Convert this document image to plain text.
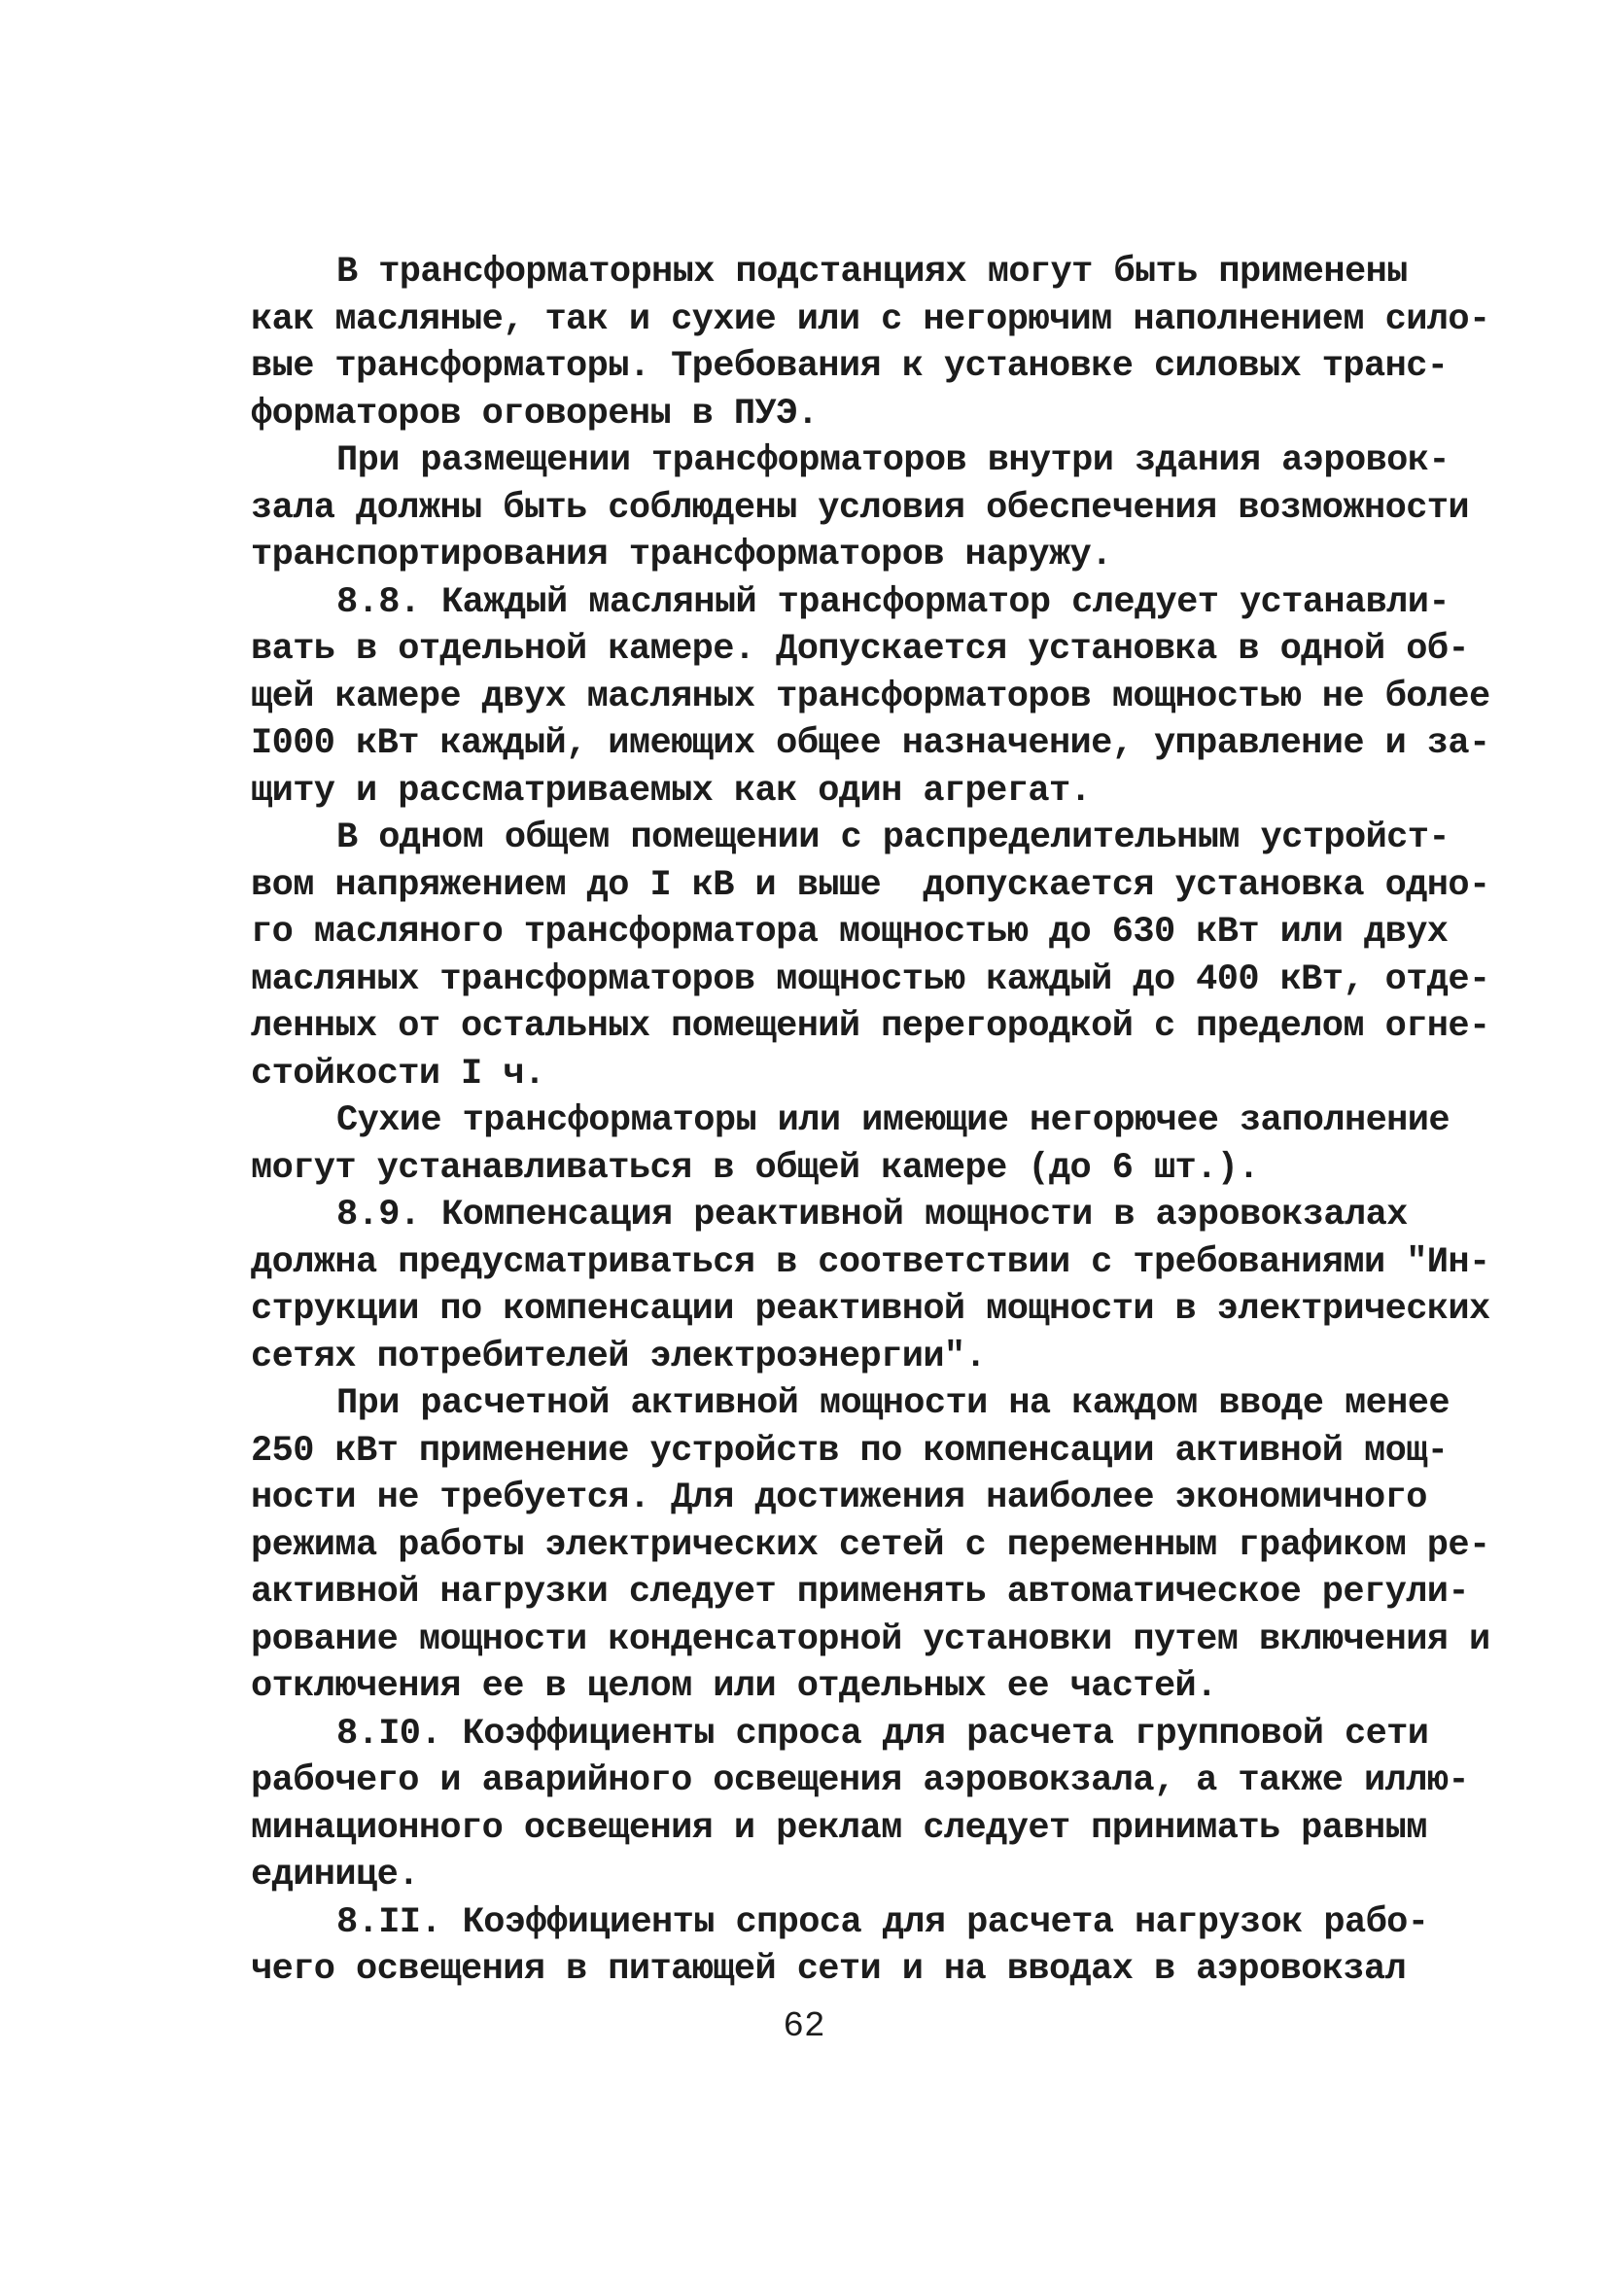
В трансформаторных подстанциях могут быть применены
как масляные, так и сухие или с негорючим наполнением сило-
вые трансформаторы. Требования к установке силовых транс-
форматоров оговорены в ПУЭ.
При размещении трансформаторов внутри здания аэровок-
зала должны быть соблюдены условия обеспечения возможности
транспортирования трансформаторов наружу.
8.8. Каждый масляный трансформатор следует устанавли-
вать в отдельной камере. Допускается установка в одной об-
щей камере двух масляных трансформаторов мощностью не более
I000 кВт каждый, имеющих общее назначение, управление и за-
щиту и рассматриваемых как один агрегат.
В одном общем помещении с распределительным устройст-
вом напряжением до I кВ и выше  допускается установка одно-
го масляного трансформатора мощностью до 630 кВт или двух
масляных трансформаторов мощностью каждый до 400 кВт, отде-
ленных от остальных помещений перегородкой с пределом огне-
стойкости I ч.
Сухие трансформаторы или имеющие негорючее заполнение
могут устанавливаться в общей камере (до 6 шт.).
8.9. Компенсация реактивной мощности в аэровокзалах
должна предусматриваться в соответствии с требованиями "Ин-
струкции по компенсации реактивной мощности в электрических
сетях потребителей электроэнергии".
При расчетной активной мощности на каждом вводе менее
250 кВт применение устройств по компенсации активной мощ-
ности не требуется. Для достижения наиболее экономичного
режима работы электрических сетей с переменным графиком ре-
активной нагрузки следует применять автоматическое регули-
рование мощности конденсаторной установки путем включения и
отключения ее в целом или отдельных ее частей.
8.I0. Коэффициенты спроса для расчета групповой сети
рабочего и аварийного освещения аэровокзала, а также иллю-
минационного освещения и реклам следует принимать равным
единице.
8.II. Коэффициенты спроса для расчета нагрузок рабо-
чего освещения в питающей сети и на вводах в аэровокзал
62
